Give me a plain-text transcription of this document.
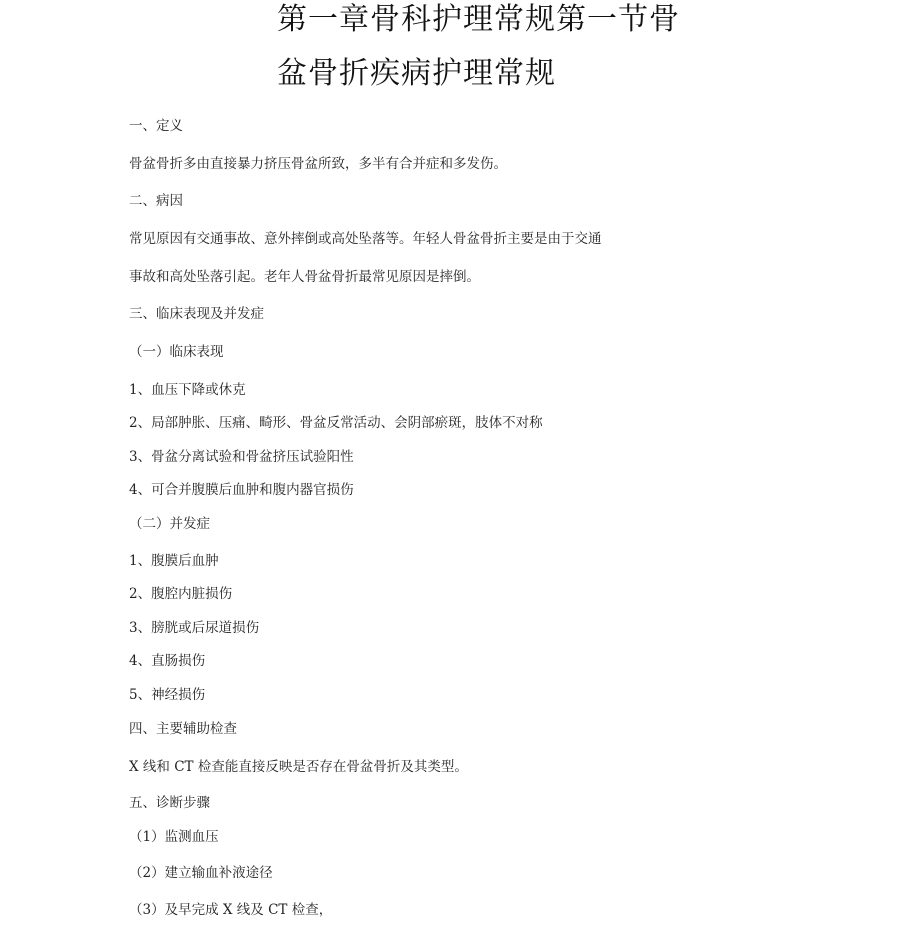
第一章骨科护理常规第一节骨
盆骨折疾病护理常规
一、定义
骨盆骨折多由直接暴力挤压骨盆所致，多半有合并症和多发伤。
二、病因
常见原因有交通事故、意外摔倒或高处坠落等。年轻人骨盆骨折主要是由于交通
事故和高处坠落引起。老年人骨盆骨折最常见原因是摔倒。
三、临床表现及并发症
（一）临床表现
1、血压下降或休克
2、局部肿胀、压痛、畸形、骨盆反常活动、会阴部瘀斑，肢体不对称
3、骨盆分离试验和骨盆挤压试验阳性
4、可合并腹膜后血肿和腹内器官损伤
（二）并发症
1、腹膜后血肿
2、腹腔内脏损伤
3、膀胱或后尿道损伤
4、直肠损伤
5、神经损伤
四、主要辅助检查
X 线和 CT 检查能直接反映是否存在骨盆骨折及其类型。
五、诊断步骤
（1）监测血压
（2）建立输血补液途径
（3）及早完成 X 线及 CT 检查，
